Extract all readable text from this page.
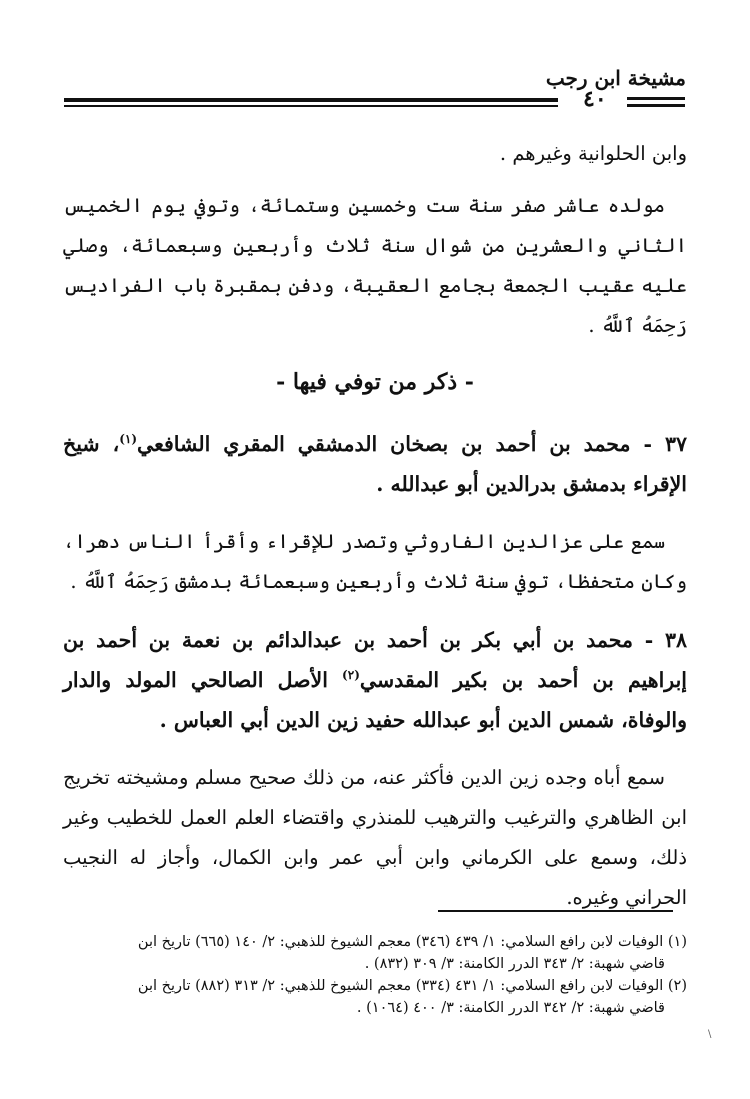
مشيخة ابن رجب
٤٠

وابن الحلوانية وغيرهم .

مولده عاشر صفر سنة ست وخمسين وستمائة، وتوفي يوم الخميس الثاني والعشرين من شوال سنة ثلاث وأربعين وسبعمائة، وصلي عليه عقيب الجمعة بجامع العقيبة، ودفن بمقبرة باب الفراديس رَحِمَهُ ٱللَّهُ .

- ذكر من توفي فيها -

٣٧ - محمد بن أحمد بن بصخان الدمشقي المقري الشافعي$^{(١)}$، شيخ الإقراء بدمشق بدرالدين أبو عبدالله .

سمع على عزالدين الفاروثي وتصدر للإقراء وأقرأ الناس دهرا، وكان متحفظا، توفي سنة ثلاث وأربعين وسبعمائة بدمشق رَحِمَهُ ٱللَّهُ .

٣٨ - محمد بن أبي بكر بن أحمد بن عبدالدائم بن نعمة بن أحمد بن إبراهيم بن أحمد بن بكير المقدسي$^{(٢)}$ الأصل الصالحي المولد والدار والوفاة، شمس الدين أبو عبدالله حفيد زين الدين أبي العباس .

سمع أباه وجده زين الدين فأكثر عنه، من ذلك صحيح مسلم ومشيخته تخريج ابن الظاهري والترغيب والترهيب للمنذري واقتضاء العلم العمل للخطيب وغير ذلك، وسمع على الكرماني وابن أبي عمر وابن الكمال، وأجاز له النجيب الحراني وغيره.

(١) الوفيات لابن رافع السلامي: ١/ ٤٣٩ (٣٤٦) معجم الشيوخ للذهبي: ٢/ ١٤٠ (٦٦٥) تاريخ ابن
قاضي شهبة: ٢/ ٣٤٣ الدرر الكامنة: ٣/ ٣٠٩ (٨٣٢) .

(٢) الوفيات لابن رافع السلامي: ١/ ٤٣١ (٣٣٤) معجم الشيوخ للذهبي: ٢/ ٣١٣ (٨٨٢) تاريخ ابن
قاضي شهبة: ٢/ ٣٤٢ الدرر الكامنة: ٣/ ٤٠٠ (١٠٦٤) .

\
